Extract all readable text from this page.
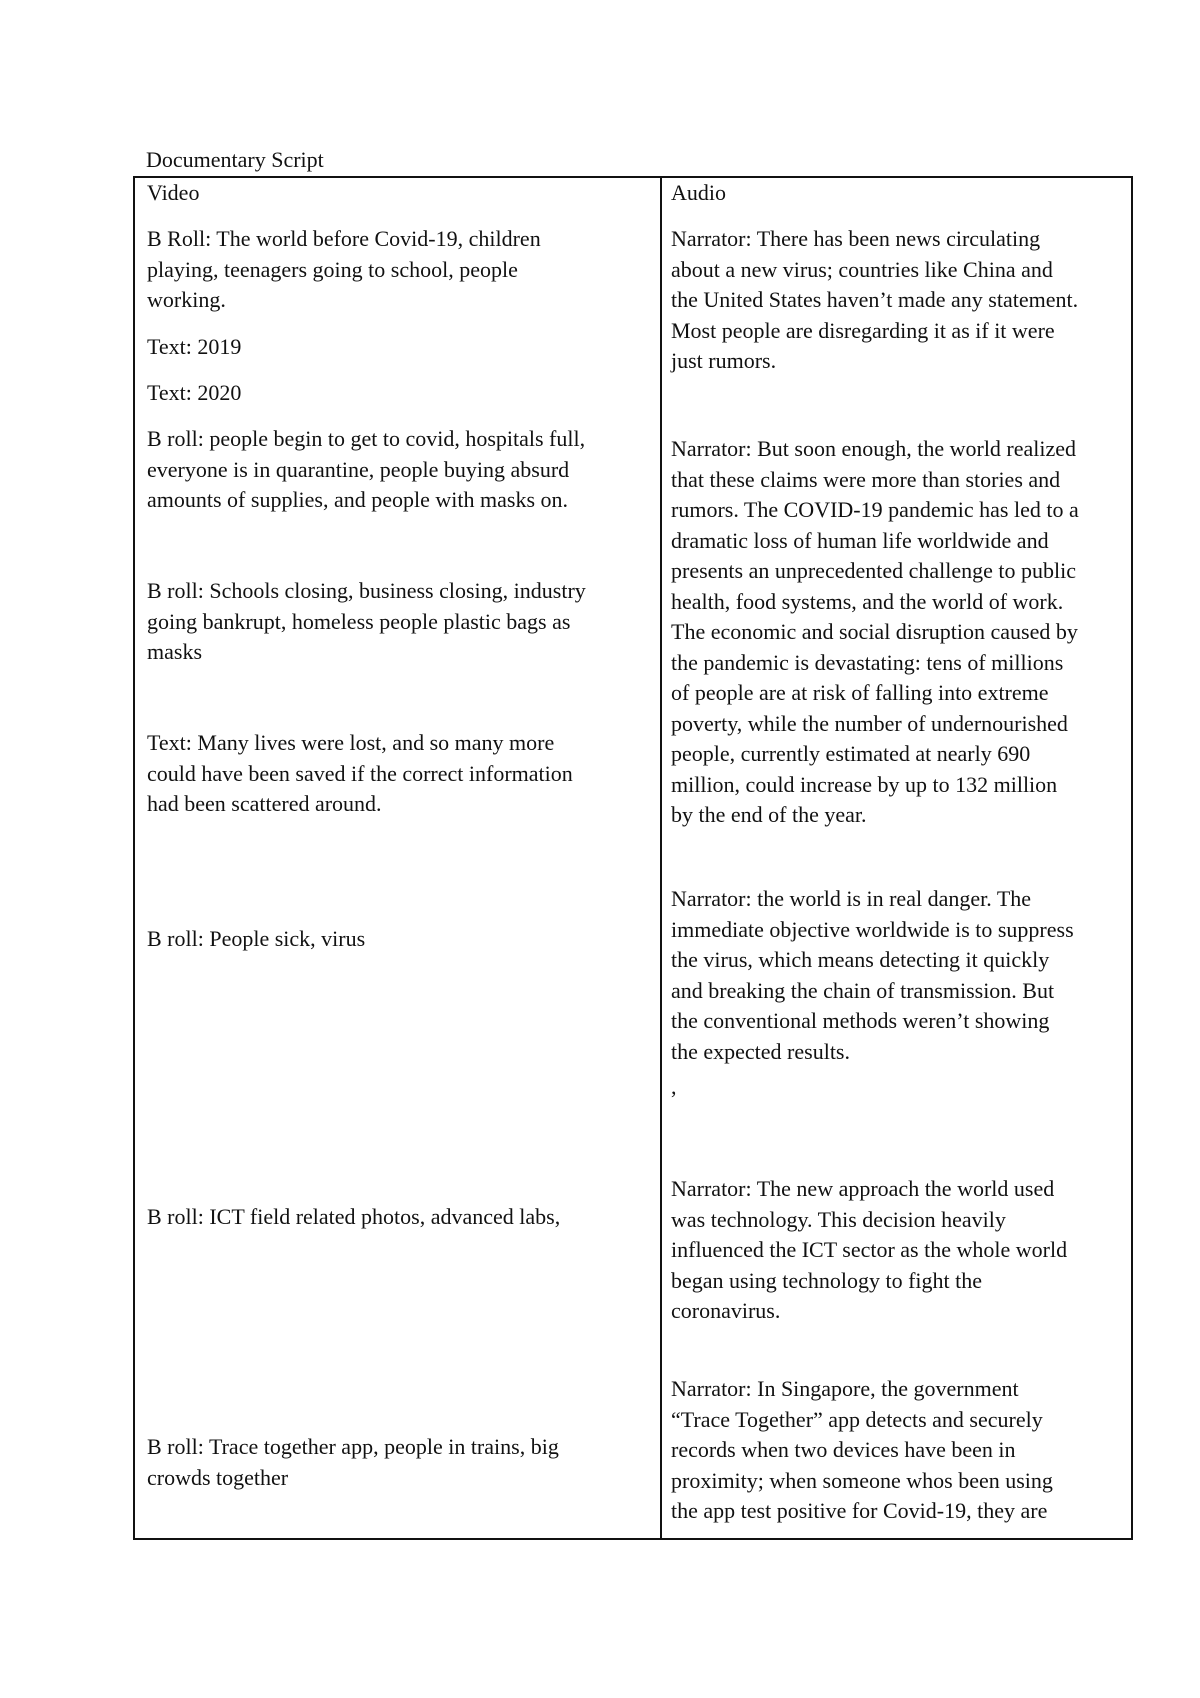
Documentary Script
Video	Audio
B Roll: The world before Covid-19, children
playing, teenagers going to school, people
working.
Text: 2019
Text: 2020
B roll: people begin to get to covid, hospitals full,
everyone is in quarantine, people buying absurd
amounts of supplies, and people with masks on.
B roll: Schools closing, business closing, industry
going bankrupt, homeless people plastic bags as
masks
Text: Many lives were lost, and so many more
could have been saved if the correct information
had been scattered around.
B roll: People sick, virus
B roll: ICT field related photos, advanced labs,
B roll: Trace together app, people in trains, big
crowds together
Narrator: There has been news circulating
about a new virus; countries like China and
the United States haven’t made any statement.
Most people are disregarding it as if it were
just rumors.
Narrator: But soon enough, the world realized
that these claims were more than stories and
rumors. The COVID-19 pandemic has led to a
dramatic loss of human life worldwide and
presents an unprecedented challenge to public
health, food systems, and the world of work.
The economic and social disruption caused by
the pandemic is devastating: tens of millions
of people are at risk of falling into extreme
poverty, while the number of undernourished
people, currently estimated at nearly 690
million, could increase by up to 132 million
by the end of the year.
Narrator: the world is in real danger. The
immediate objective worldwide is to suppress
the virus, which means detecting it quickly
and breaking the chain of transmission. But
the conventional methods weren’t showing
the expected results.
,
Narrator: The new approach the world used
was technology. This decision heavily
influenced the ICT sector as the whole world
began using technology to fight the
coronavirus.
Narrator: In Singapore, the government
“Trace Together” app detects and securely
records when two devices have been in
proximity; when someone whos been using
the app test positive for Covid-19, they are
